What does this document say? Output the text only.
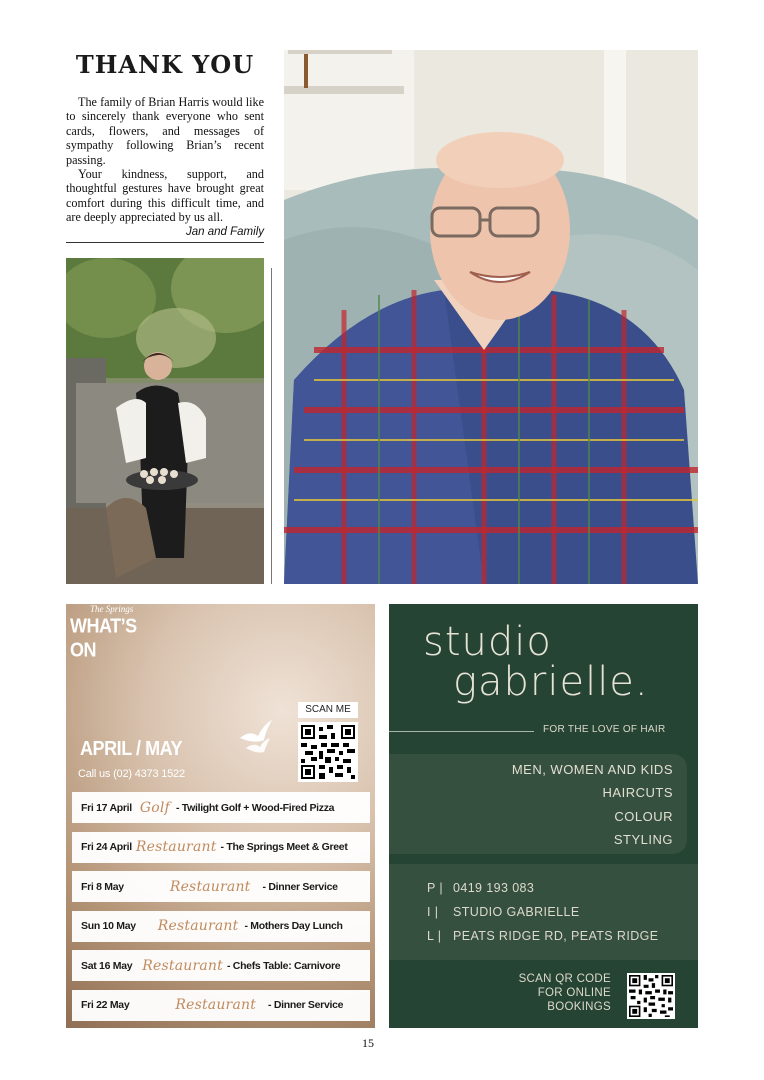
THANK YOU

The family of Brian Harris would like to sincerely thank everyone who sent cards, flowers, and messages of sympathy following Brian’s recent passing.

Your kindness, support, and thoughtful gestures have brought great comfort during this difficult time, and are deeply appreciated by us all.

Jan and Family
The Springs
WHAT’S ON
SCAN ME
APRIL / MAY
Call us (02) 4373 1522
Fri 17 April Golf - Twilight Golf + Wood-Fired Pizza
Fri 24 April Restaurant - The Springs Meet & Greet
Fri 8 May	Restaurant - Dinner Service
Sun 10 May Restaurant - Mothers Day Lunch
Sat 16 May Restaurant - Chefs Table: Carnivore
Fri 22 May	Restaurant - Dinner Service
studio
gabrielle.
FOR THE LOVE OF HAIR
MEN, WOMEN AND KIDS
HAIRCUTS
COLOUR
STYLING
P | 0419 193 083
I | STUDIO GABRIELLE
L | PEATS RIDGE RD, PEATS RIDGE
SCAN QR CODE
FOR ONLINE
BOOKINGS
15
